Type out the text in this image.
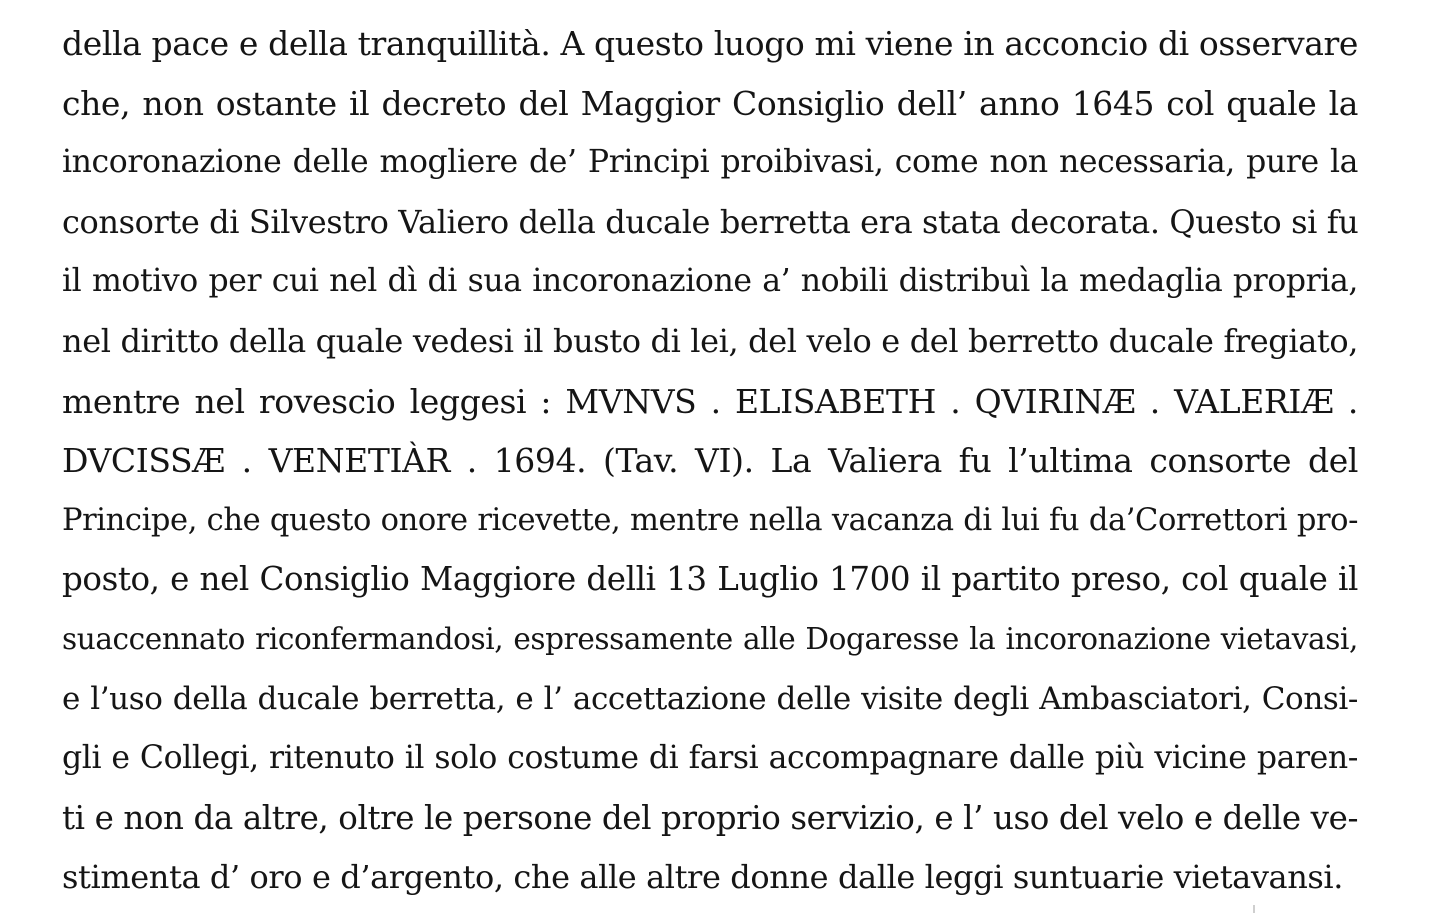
della pace e della tranquillità. A questo luogo mi viene in acconcio di osservare
che, non ostante il decreto del Maggior Consiglio dell’ anno 1645 col quale la
incoronazione delle mogliere de’ Principi proibivasi, come non necessaria, pure la
consorte di Silvestro Valiero della ducale berretta era stata decorata. Questo si fu
il motivo per cui nel dì di sua incoronazione a’ nobili distribuì la medaglia propria,
nel diritto della quale vedesi il busto di lei, del velo e del berretto ducale fregiato,
mentre nel rovescio leggesi : MVNVS . ELISABETH . QVIRINÆ . VALERIÆ .
DVCISSÆ . VENETIÀR . 1694. (Tav. VI). La Valiera fu l’ultima consorte del
Principe, che questo onore ricevette, mentre nella vacanza di lui fu da’Correttori pro-
posto, e nel Consiglio Maggiore delli 13 Luglio 1700 il partito preso, col quale il
suaccennato riconfermandosi, espressamente alle Dogaresse la incoronazione vietavasi,
e l’uso della ducale berretta, e l’ accettazione delle visite degli Ambasciatori, Consi-
gli e Collegi, ritenuto il solo costume di farsi accompagnare dalle più vicine paren-
ti e non da altre, oltre le persone del proprio servizio, e l’ uso del velo e delle ve-
stimenta d’ oro e d’argento, che alle altre donne dalle leggi suntuarie vietavansi.
